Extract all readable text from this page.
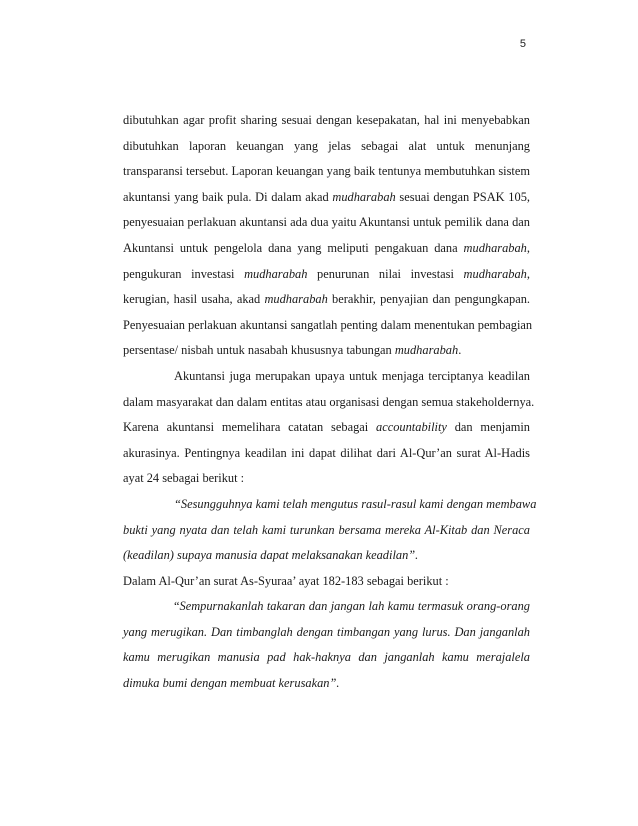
5
dibutuhkan agar profit sharing sesuai dengan kesepakatan, hal ini menyebabkan
dibutuhkan laporan keuangan yang jelas sebagai alat untuk menunjang
transparansi tersebut. Laporan keuangan yang baik tentunya membutuhkan sistem
akuntansi yang baik pula. Di dalam akad mudharabah sesuai dengan PSAK 105,
penyesuaian perlakuan akuntansi ada dua yaitu Akuntansi untuk pemilik dana dan
Akuntansi untuk pengelola dana yang meliputi pengakuan dana mudharabah,
pengukuran investasi mudharabah penurunan nilai investasi mudharabah,
kerugian, hasil usaha, akad mudharabah berakhir, penyajian dan pengungkapan.
Penyesuaian perlakuan akuntansi sangatlah penting dalam menentukan pembagian
persentase/ nisbah untuk nasabah khususnya tabungan mudharabah.
Akuntansi juga merupakan upaya untuk menjaga terciptanya keadilan
dalam masyarakat dan dalam entitas atau organisasi dengan semua stakeholdernya.
Karena akuntansi memelihara catatan sebagai accountability dan menjamin
akurasinya. Pentingnya keadilan ini dapat dilihat dari Al-Qur’an surat Al-Hadis
ayat 24 sebagai berikut :
“Sesungguhnya kami telah mengutus rasul-rasul kami dengan membawa
bukti yang nyata dan telah kami turunkan bersama mereka Al-Kitab dan Neraca
(keadilan) supaya manusia dapat melaksanakan keadilan”.
Dalam Al-Qur’an surat As-Syuraa’ ayat 182-183 sebagai berikut :
“Sempurnakanlah takaran dan jangan lah kamu termasuk orang-orang
yang merugikan. Dan timbanglah dengan timbangan yang lurus. Dan janganlah
kamu merugikan manusia pad hak-haknya dan janganlah kamu merajalela
dimuka bumi dengan membuat kerusakan”.
